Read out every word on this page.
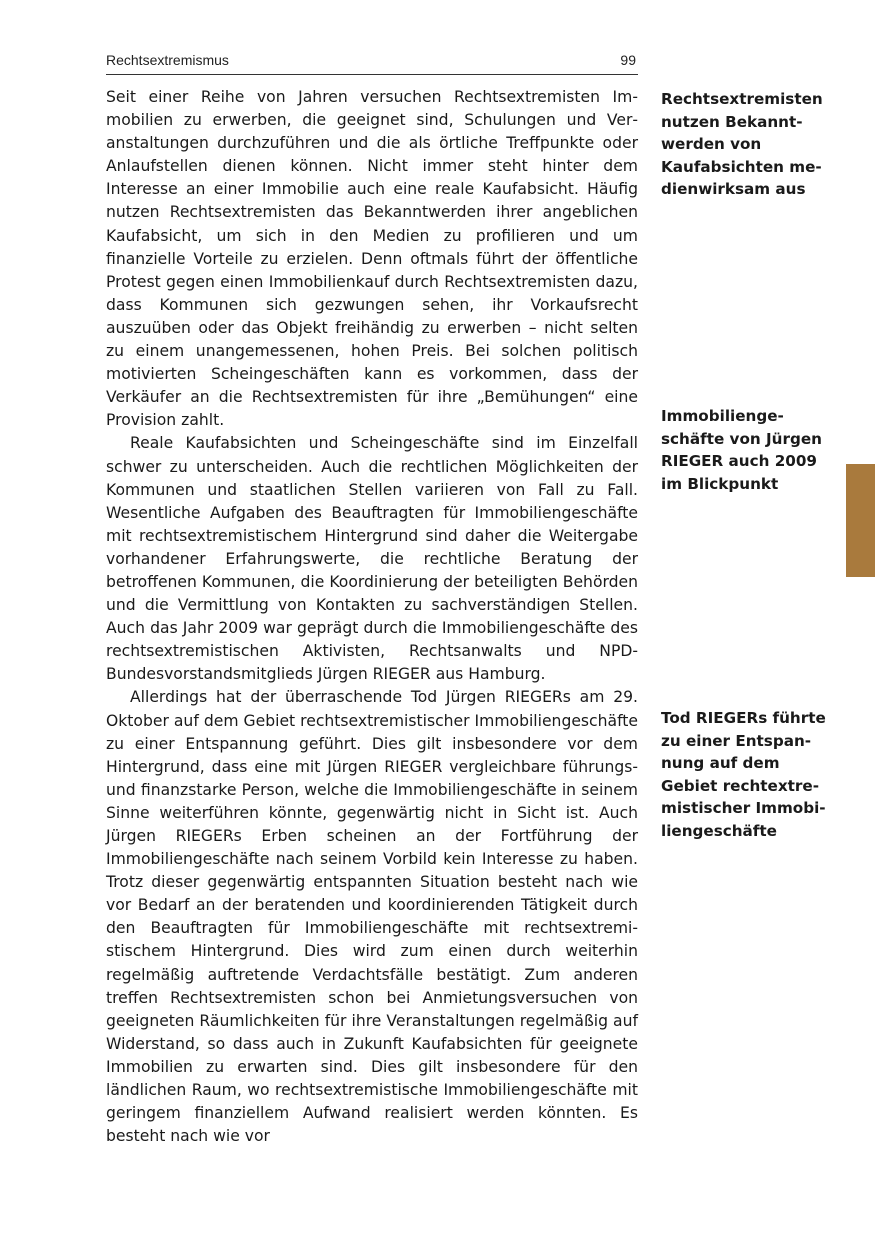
Rechtsextremismus	99

Seit einer Reihe von Jahren versuchen Rechtsextremisten Immobilien zu erwerben, die geeignet sind, Schulungen und Veranstaltungen durchzuführen und die als örtliche Treffpunkte oder Anlaufstellen dienen können. Nicht immer steht hinter dem Interesse an einer Immobilie auch eine reale Kaufabsicht. Häufig nutzen Rechtsextremisten das Bekanntwerden ihrer angeblichen Kaufabsicht, um sich in den Medien zu profilieren und um finanzielle Vorteile zu erzielen. Denn oftmals führt der öffentliche Protest gegen einen Immobilienkauf durch Rechtsextremisten dazu, dass Kommunen sich gezwungen sehen, ihr Vorkaufsrecht auszuüben oder das Objekt freihändig zu erwerben – nicht selten zu einem unangemessenen, hohen Preis. Bei solchen politisch motivierten Scheingeschäften kann es vorkommen, dass der Verkäufer an die Rechtsextremisten für ihre „Bemühungen“ eine Provision zahlt.

Reale Kaufabsichten und Scheingeschäfte sind im Einzelfall schwer zu unterscheiden. Auch die rechtlichen Möglichkeiten der Kommunen und staatlichen Stellen variieren von Fall zu Fall. Wesentliche Aufgaben des Beauftragten für Immobiliengeschäfte mit rechtsextremistischem Hintergrund sind daher die Weitergabe vorhandener Erfahrungswerte, die rechtliche Beratung der betroffenen Kommunen, die Koordinierung der beteiligten Behörden und die Vermittlung von Kontakten zu sachverständigen Stellen. Auch das Jahr 2009 war geprägt durch die Immobiliengeschäfte des rechtsextremistischen Aktivisten, Rechtsanwalts und NPD-Bundesvorstandsmitglieds Jürgen RIEGER aus Hamburg.

Allerdings hat der überraschende Tod Jürgen RIEGERs am 29. Oktober auf dem Gebiet rechtsextremistischer Immobiliengeschäfte zu einer Entspannung geführt. Dies gilt insbesondere vor dem Hintergrund, dass eine mit Jürgen RIEGER vergleichbare führungs- und finanzstarke Person, welche die Immobiliengeschäfte in seinem Sinne weiterführen könnte, gegenwärtig nicht in Sicht ist. Auch Jürgen RIEGERs Erben scheinen an der Fortführung der Immobiliengeschäfte nach seinem Vorbild kein Interesse zu haben. Trotz dieser gegenwärtig entspannten Situation besteht nach wie vor Bedarf an der beratenden und koordinierenden Tätigkeit durch den Beauftragten für Immobiliengeschäfte mit rechtsextremistischem Hintergrund. Dies wird zum einen durch weiterhin regelmäßig auftretende Verdachtsfälle bestätigt. Zum anderen treffen Rechtsextremisten schon bei Anmietungsversuchen von geeigneten Räumlichkeiten für ihre Veranstaltungen regelmäßig auf Widerstand, so dass auch in Zukunft Kaufabsichten für geeignete Immobilien zu erwarten sind. Dies gilt insbesondere für den ländlichen Raum, wo rechtsextremistische Immobiliengeschäfte mit geringem finanziellem Aufwand realisiert werden könnten. Es besteht nach wie vor

Rechtsextremisten
nutzen Bekannt-
werden von
Kaufabsichten me-
dienwirksam aus
Immobilienge-
schäfte von Jürgen
RIEGER auch 2009
im Blickpunkt
Tod RIEGERs führte
zu einer Entspan-
nung auf dem
Gebiet rechtextre-
mistischer Immobi-
liengeschäfte
